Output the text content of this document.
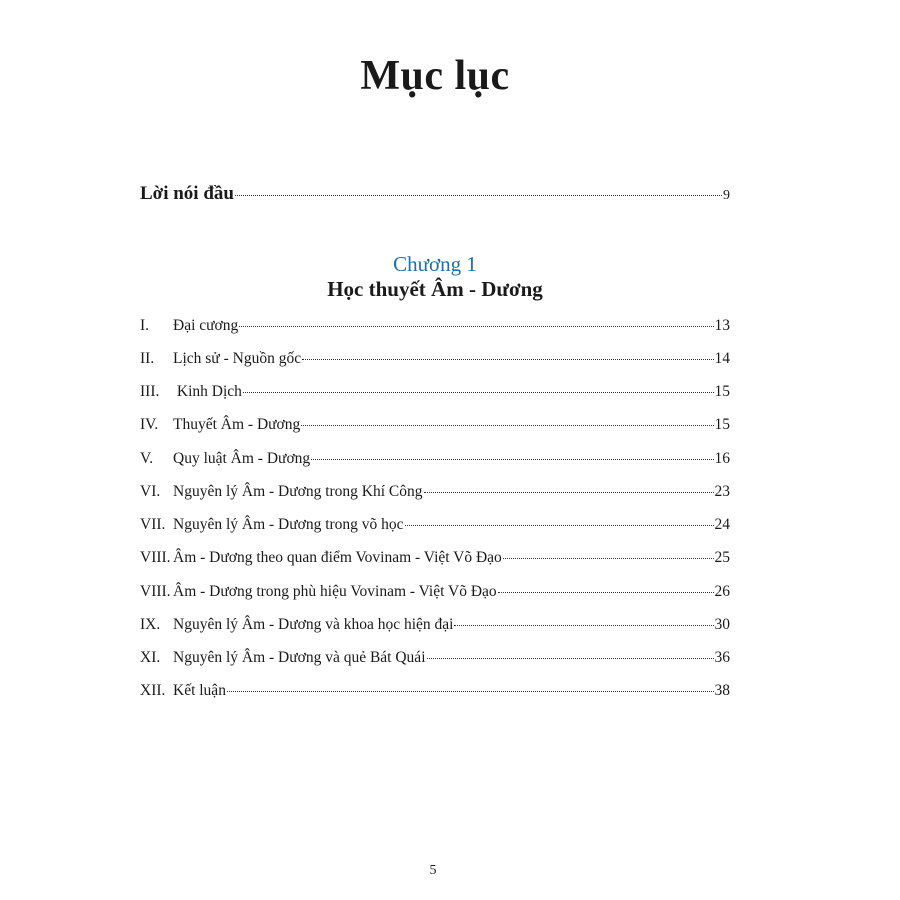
Mục lục
Lời nói đầu	9
Chương 1
Học thuyết Âm - Dương
I.	Đại cương	13
II.	Lịch sử - Nguồn gốc	14
III. Kinh Dịch	15
IV. Thuyết Âm - Dương	15
V.	Quy luật Âm - Dương	16
VI. Nguyên lý Âm - Dương trong Khí Công	23
VII. Nguyên lý Âm - Dương trong võ học	24
VIII. Âm - Dương theo quan điểm Vovinam - Việt Võ Đạo	25
VIII. Âm - Dương trong phù hiệu Vovinam - Việt Võ Đạo	26
IX. Nguyên lý Âm - Dương và khoa học hiện đại	30
XI. Nguyên lý Âm - Dương và quẻ Bát Quái	36
XII. Kết luận	38
5
